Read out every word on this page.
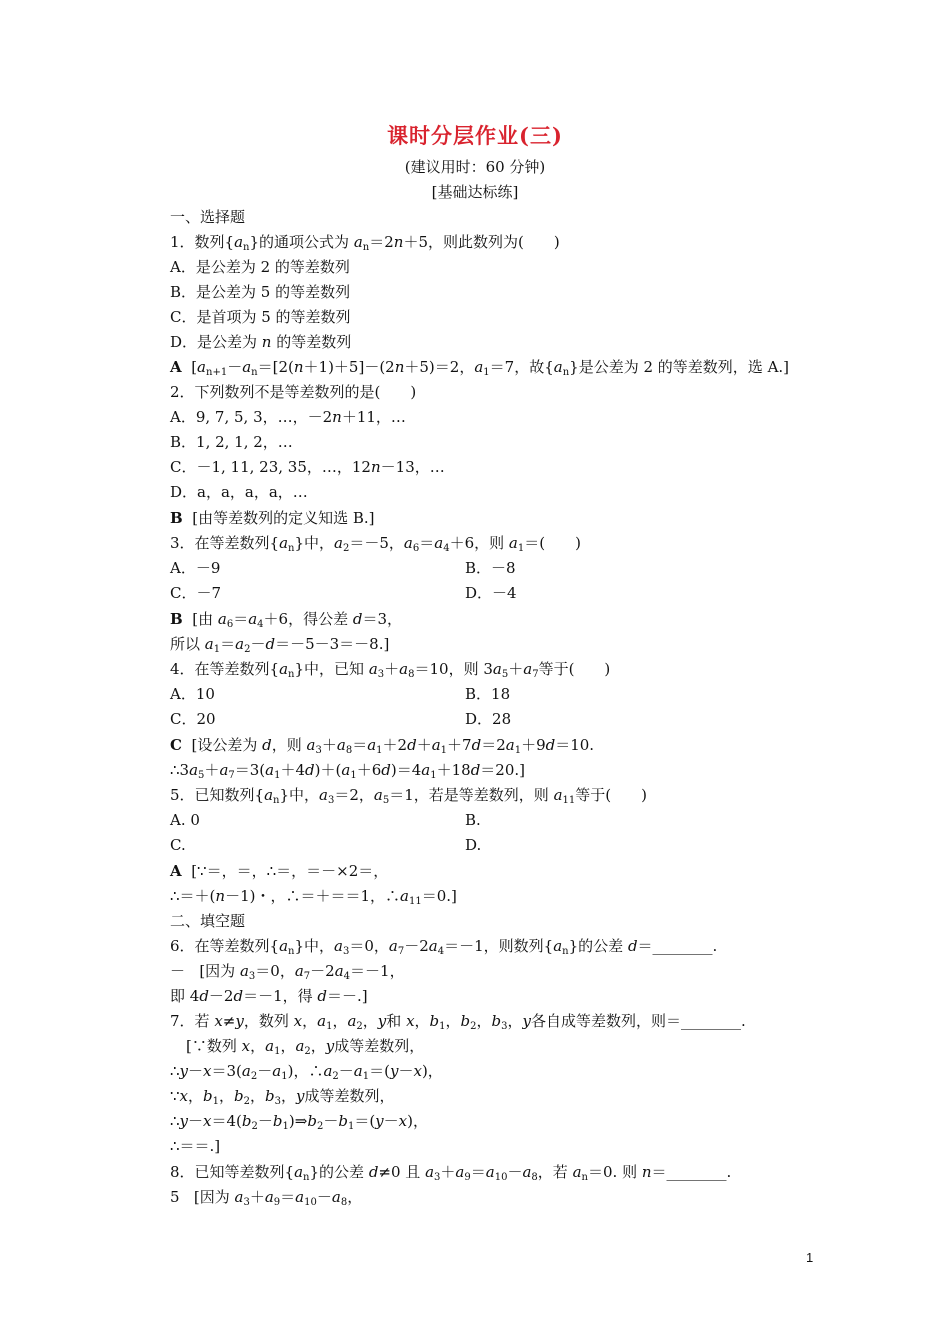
课时分层作业(三)
(建议用时：60 分钟)
[基础达标练]
一、选择题
1．数列$\{a_n\}$的通项公式为 $a_n=2n+5$，则此数列为(　　)
A．是公差为 2 的等差数列
B．是公差为 5 的等差数列
C．是首项为 5 的等差数列
D．是公差为 n 的等差数列
A [$a_{n+1}-a_n=[2(n+1)+5]-(2n+5)=2$，$a_1=7$，故$\{a_n\}$是公差为 2 的等差数列，选 A.]
2．下列数列不是等差数列的是(　　)
A．9, 7, 5, 3，…，－2n＋11，…
B．1, 2, 1, 2，…
C．－1, 11, 23, 35，…，12n－13，…
D．a，a，a，a，…
B [由等差数列的定义知选 B.]
3．在等差数列$\{a_n\}$中，$a_2=-5$，$a_6=a_4+6$，则 $a_1=$(　　)
A．－9	B．－8
C．－7	D．－4
B [由 $a_6=a_4+6$，得公差 d＝3，
所以 $a_1=a_2-d=-5-3=-8$.]
4．在等差数列$\{a_n\}$中，已知 $a_3+a_8=10$，则 $3a_5+a_7$等于(　　)
A．10	B．18
C．20	D．28
C [设公差为 d，则 $a_3+a_8=a_1+2d+a_1+7d=2a_1+9d=10$.
$\therefore 3a_5+a_7=3(a_1+4d)+(a_1+6d)=4a_1+18d=20$.]
5．已知数列$\{a_n\}$中，$a_3=2$，$a_5=1$，若是等差数列，则 $a_{11}$等于(　　)
A. 0	B.
C.	D.
A [∵＝，＝，∴＝，＝－×2＝，
∴＝＋(n－1)・，∴＝＋＝＝1，$\therefore a_{11}=0$.]
二、填空题
6．在等差数列$\{a_n\}$中，$a_3=0$，$a_7-2a_4=-1$，则数列$\{a_n\}$的公差 d＝________.
－ [因为 $a_3=0$，$a_7-2a_4=-1$，
即 4d－2d＝－1，得 d＝－.]
7．若 x≠y，数列 x，$a_1$，$a_2$，y和 x，$b_1$，$b_2$，$b_3$，y各自成等差数列，则＝________.
[∵数列 x，$a_1$，$a_2$，y成等差数列，
$\therefore y-x=3(a_2-a_1)$，$\therefore a_2-a_1=(y-x)$，
∵x，$b_1$，$b_2$，$b_3$，y成等差数列，
$\therefore y-x=4(b_2-b_1)\Rightarrow b_2-b_1=(y-x)$，
∴＝＝.]
8．已知等差数列$\{a_n\}$的公差 d≠0 且 $a_3+a_9=a_{10}-a_8$，若 $a_n=0$. 则 n＝________.
5 [因为 $a_3+a_9=a_{10}-a_8$，
1
